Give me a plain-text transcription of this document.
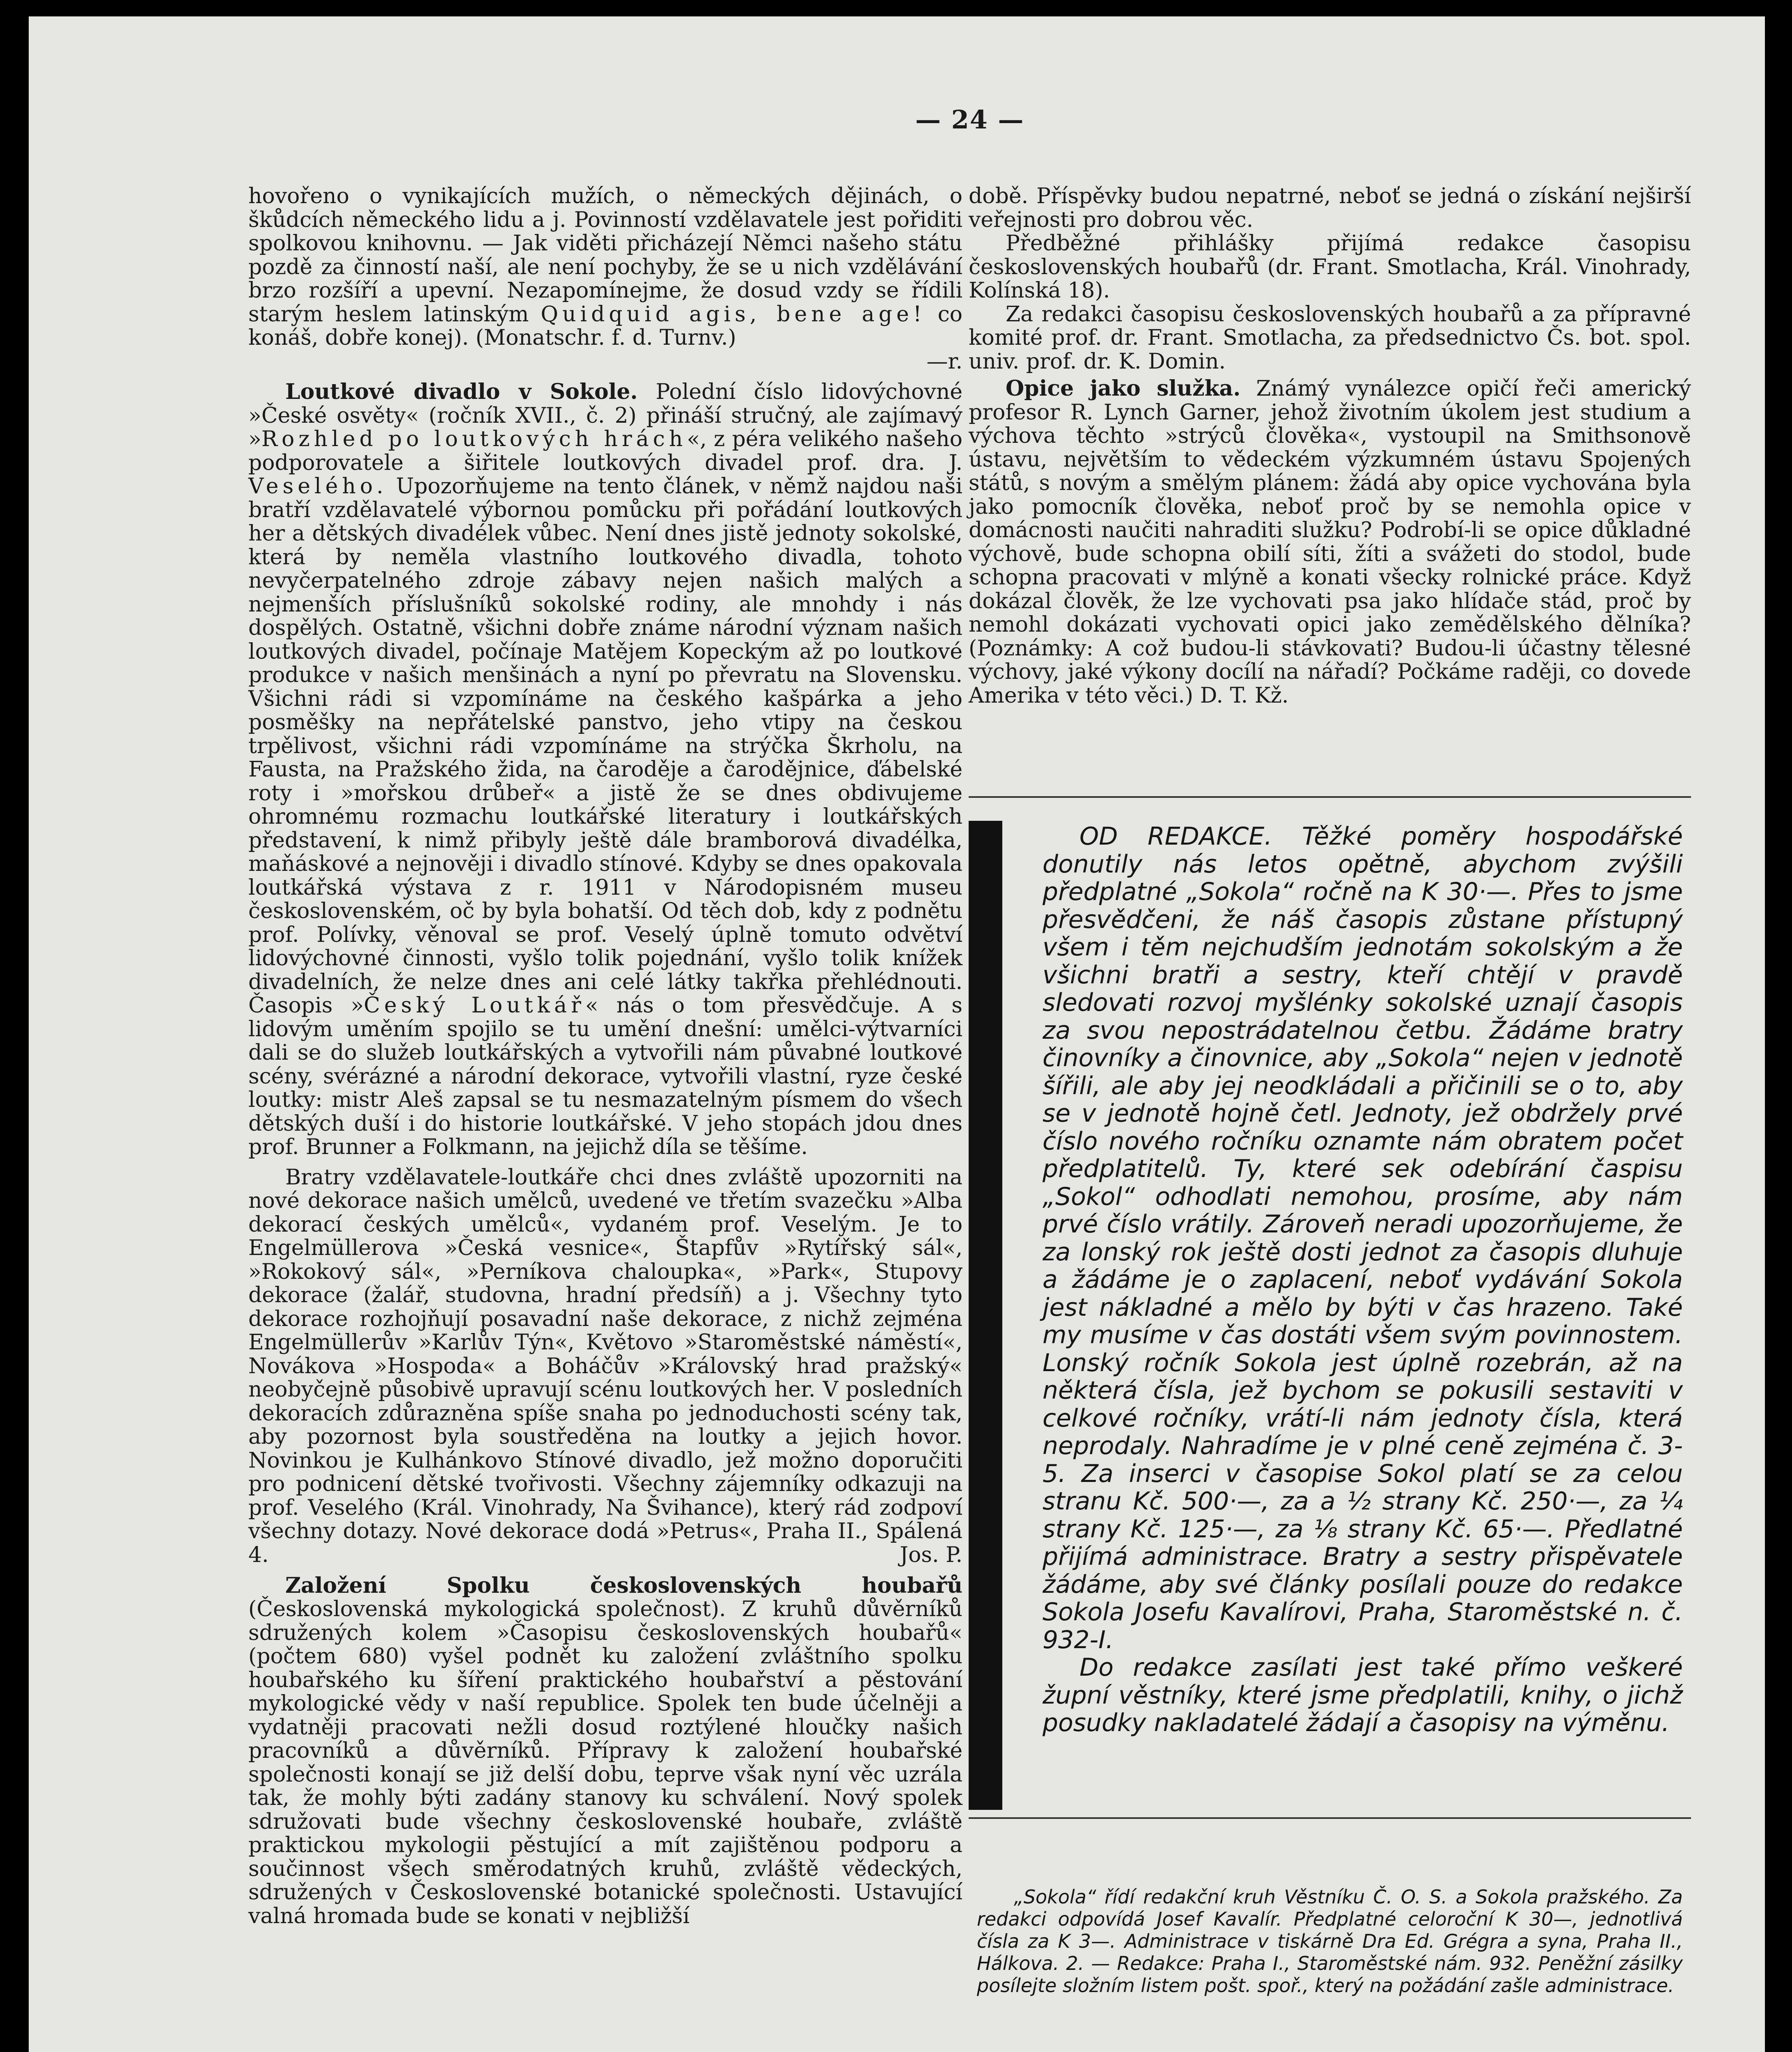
— 24 —

hovořeno o vynikajících mužích, o německých dějinách, o škůdcích německého lidu a j. Povinností vzdělavatele jest pořiditi spolkovou knihovnu. — Jak viděti přicházejí Němci našeho státu pozdě za činností naší, ale není pochyby, že se u nich vzdělávání brzo rozšíří a upevní. Nezapomínejme, že dosud vzdy se řídili starým heslem latinským Quidquid agis, bene age! co konáš, dobře konej). (Monatschr. f. d. Turnv.)

—r.

Loutkové divadlo v Sokole. Polední číslo lidovýchovné »České osvěty« (ročník XVII., č. 2) přináší stručný, ale zajímavý »Rozhled po loutkových hrách«, z péra velikého našeho podporovatele a šiřitele loutkových divadel prof. dra. J. Veselého. Upozorňujeme na tento článek, v němž najdou naši bratří vzdělavatelé výbornou pomůcku při pořádání loutkových her a dětských divadélek vůbec. Není dnes jistě jednoty sokolské, která by neměla vlastního loutkového divadla, tohoto nevyčerpatelného zdroje zábavy nejen našich malých a nejmenších příslušníků sokolské rodiny, ale mnohdy i nás dospělých. Ostatně, všichni dobře známe národní význam našich loutkových divadel, počínaje Matějem Kopeckým až po loutkové produkce v našich menšinách a nyní po převratu na Slovensku. Všichni rádi si vzpomínáme na českého kašpárka a jeho posměšky na nepřátelské panstvo, jeho vtipy na českou trpělivost, všichni rádi vzpomínáme na strýčka Škrholu, na Fausta, na Pražského žida, na čaroděje a čarodějnice, ďábelské roty i »mořskou drůbeř« a jistě že se dnes obdivujeme ohromnému rozmachu loutkářské literatury i loutkářských představení, k nimž přibyly ještě dále bramborová divadélka, maňáskové a nejnověji i divadlo stínové. Kdyby se dnes opakovala loutkářská výstava z r. 1911 v Národopisném museu československém, oč by byla bohatší. Od těch dob, kdy z podnětu prof. Polívky, věnoval se prof. Veselý úplně tomuto odvětví lidovýchovné činnosti, vyšlo tolik pojednání, vyšlo tolik knížek divadelních, že nelze dnes ani celé látky takřka přehlédnouti. Časopis »Český Loutkář« nás o tom přesvědčuje. A s lidovým uměním spojilo se tu umění dnešní: umělci-výtvarníci dali se do služeb loutkářských a vytvořili nám půvabné loutkové scény, svérázné a národní dekorace, vytvořili vlastní, ryze české loutky: mistr Aleš zapsal se tu nesmazatelným písmem do všech dětských duší i do historie loutkářské. V jeho stopách jdou dnes prof. Brunner a Folkmann, na jejichž díla se těšíme.

Bratry vzdělavatele-loutkáře chci dnes zvláště upozorniti na nové dekorace našich umělců, uvedené ve třetím svazečku »Alba dekorací českých umělců«, vydaném prof. Veselým. Je to Engelmüllerova »Česká vesnice«, Štapfův »Rytířský sál«, »Rokokový sál«, »Perníkova chaloupka«, »Park«, Stupovy dekorace (žalář, studovna, hradní předsíň) a j. Všechny tyto dekorace rozhojňují posavadní naše dekorace, z nichž zejména Engelmüllerův »Karlův Týn«, Květovo »Staroměstské náměstí«, Novákova »Hospoda« a Boháčův »Královský hrad pražský« neobyčejně působivě upravují scénu loutkových her. V posledních dekoracích zdůrazněna spíše snaha po jednoduchosti scény tak, aby pozornost byla soustředěna na loutky a jejich hovor. Novinkou je Kulhánkovo Stínové divadlo, jež možno doporučiti pro podnicení dětské tvořivosti. Všechny zájemníky odkazuji na prof. Veselého (Král. Vinohrady, Na Švihance), který rád zodpoví všechny dotazy. Nové dekorace dodá »Petrus«, Praha II., Spálená 4.	Jos. P.

Založení Spolku československých houbařů (Československá mykologická společnost). Z kruhů důvěrníků sdružených kolem »Časopisu československých houbařů« (počtem 680) vyšel podnět ku založení zvláštního spolku houbařského ku šíření praktického houbařství a pěstování mykologické vědy v naší republice. Spolek ten bude účelněji a vydatněji pracovati nežli dosud roztýlené hloučky našich pracovníků a důvěrníků. Přípravy k založení houbařské společnosti konají se již delší dobu, teprve však nyní věc uzrála tak, že mohly býti zadány stanovy ku schválení. Nový spolek sdružovati bude všechny československé houbaře, zvláště praktickou mykologii pěstující a mít zajištěnou podporu a součinnost všech směrodatných kruhů, zvláště vědeckých, sdružených v Československé botanické společnosti. Ustavující valná hromada bude se konati v nejbližší

době. Příspěvky budou nepatrné, neboť se jedná o získání nejširší veřejnosti pro dobrou věc.

Předběžné přihlášky přijímá redakce časopisu československých houbařů (dr. Frant. Smotlacha, Král. Vinohrady, Kolínská 18).

Za redakci časopisu československých houbařů a za přípravné komité prof. dr. Frant. Smotlacha, za předsednictvo Čs. bot. spol. univ. prof. dr. K. Domin.

Opice jako služka. Známý vynálezce opičí řeči americký profesor R. Lynch Garner, jehož životním úkolem jest studium a výchova těchto »strýců člověka«, vystoupil na Smithsonově ústavu, největším to vědeckém výzkumném ústavu Spojených států, s novým a smělým plánem: žádá aby opice vychována byla jako pomocník člověka, neboť proč by se nemohla opice v domácnosti naučiti nahraditi služku? Podrobí-li se opice důkladné výchově, bude schopna obilí síti, žíti a svážeti do stodol, bude schopna pracovati v mlýně a konati všecky rolnické práce. Když dokázal člověk, že lze vychovati psa jako hlídače stád, proč by nemohl dokázati vychovati opici jako zemědělského dělníka? (Poznámky: A což budou-li stávkovati? Budou-li účastny tělesné výchovy, jaké výkony docílí na nářadí? Počkáme raději, co dovede Amerika v této věci.) D. T. Kž.

OD REDAKCE. Těžké poměry hospodářské donutily nás letos opětně, abychom zvýšili předplatné „Sokola“ ročně na K 30·—. Přes to jsme přesvědčeni, že náš časopis zůstane přístupný všem i těm nejchudším jednotám sokolským a že všichni bratři a sestry, kteří chtějí v pravdě sledovati rozvoj myšlénky sokolské uznají časopis za svou nepostrádatelnou četbu. Žádáme bratry činovníky a činovnice, aby „Sokola“ nejen v jednotě šířili, ale aby jej neodkládali a přičinili se o to, aby se v jednotě hojně četl. Jednoty, jež obdržely prvé číslo nového ročníku oznamte nám obratem počet předplatitelů. Ty, které sek odebírání časpisu „Sokol“ odhodlati nemohou, prosíme, aby nám prvé číslo vrátily. Zároveň neradi upozorňujeme, že za lonský rok ještě dosti jednot za časopis dluhuje a žádáme je o zaplacení, neboť vydávání Sokola jest nákladné a mělo by býti v čas hrazeno. Také my musíme v čas dostáti všem svým povinnostem. Lonský ročník Sokola jest úplně rozebrán, až na některá čísla, jež bychom se pokusili sestaviti v celkové ročníky, vrátí-li nám jednoty čísla, která neprodaly. Nahradíme je v plné ceně zejména č. 3-5. Za inserci v časopise Sokol platí se za celou stranu Kč. 500·—, za a ½ strany Kč. 250·—, za ¼ strany Kč. 125·—, za ⅛ strany Kč. 65·—. Předlatné přijímá administrace. Bratry a sestry přispěvatele žádáme, aby své články posílali pouze do redakce Sokola Josefu Kavalírovi, Praha, Staroměstské n. č. 932-I.

Do redakce zasílati jest také přímo veškeré župní věstníky, které jsme předplatili, knihy, o jichž posudky nakladatelé žádají a časopisy na výměnu.

„Sokola“ řídí redakční kruh Věstníku Č. O. S. a Sokola pražského. Za redakci odpovídá Josef Kavalír. Předplatné celoroční K 30—, jednotlivá čísla za K 3—. Administrace v tiskárně Dra Ed. Grégra a syna, Praha II., Hálkova. 2. — Redakce: Praha I., Staroměstské nám. 932. Peněžní zásilky posílejte složním listem pošt. spoř., který na požádání zašle administrace.
